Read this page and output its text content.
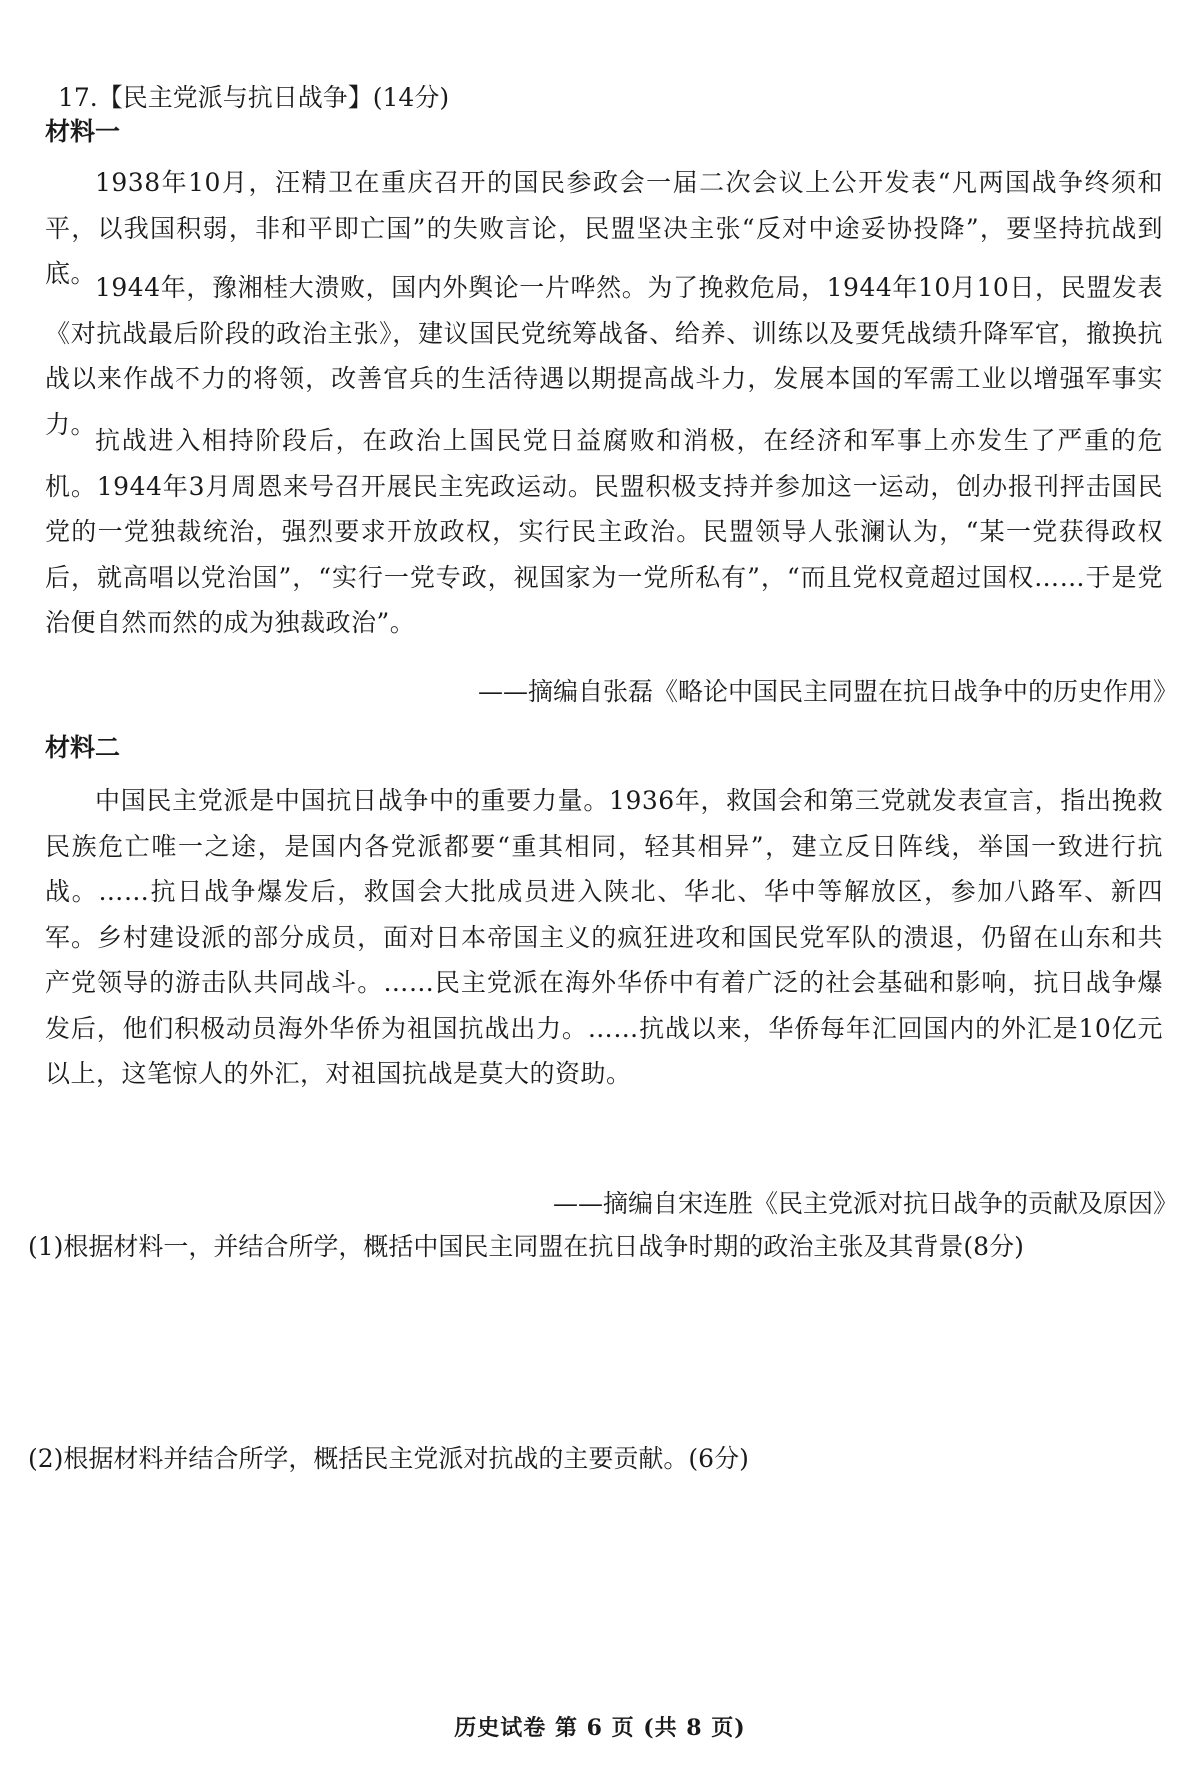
17.【民主党派与抗日战争】(14分)
材料一

1938年10月，汪精卫在重庆召开的国民参政会一届二次会议上公开发表“凡两国战争终须和平，以我国积弱，非和平即亡国”的失败言论，民盟坚决主张“反对中途妥协投降”，要坚持抗战到底。

1944年，豫湘桂大溃败，国内外舆论一片哗然。为了挽救危局，1944年10月10日，民盟发表《对抗战最后阶段的政治主张》，建议国民党统筹战备、给养、训练以及要凭战绩升降军官，撤换抗战以来作战不力的将领，改善官兵的生活待遇以期提高战斗力，发展本国的军需工业以增强军事实力。

抗战进入相持阶段后，在政治上国民党日益腐败和消极，在经济和军事上亦发生了严重的危机。1944年3月周恩来号召开展民主宪政运动。民盟积极支持并参加这一运动，创办报刊抨击国民党的一党独裁统治，强烈要求开放政权，实行民主政治。民盟领导人张澜认为，“某一党获得政权后，就高唱以党治国”，“实行一党专政，视国家为一党所私有”，“而且党权竟超过国权……于是党治便自然而然的成为独裁政治”。

——摘编自张磊《略论中国民主同盟在抗日战争中的历史作用》
材料二

中国民主党派是中国抗日战争中的重要力量。1936年，救国会和第三党就发表宣言，指出挽救民族危亡唯一之途，是国内各党派都要“重其相同，轻其相异”，建立反日阵线，举国一致进行抗战。……抗日战争爆发后，救国会大批成员进入陕北、华北、华中等解放区，参加八路军、新四军。乡村建设派的部分成员，面对日本帝国主义的疯狂进攻和国民党军队的溃退，仍留在山东和共产党领导的游击队共同战斗。……民主党派在海外华侨中有着广泛的社会基础和影响，抗日战争爆发后，他们积极动员海外华侨为祖国抗战出力。……抗战以来，华侨每年汇回国内的外汇是10亿元以上，这笔惊人的外汇，对祖国抗战是莫大的资助。

——摘编自宋连胜《民主党派对抗日战争的贡献及原因》

(1)根据材料一，并结合所学，概括中国民主同盟在抗日战争时期的政治主张及其背景(8分)

(2)根据材料并结合所学，概括民主党派对抗战的主要贡献。(6分)

历史试卷 第 6 页 (共 8 页)
